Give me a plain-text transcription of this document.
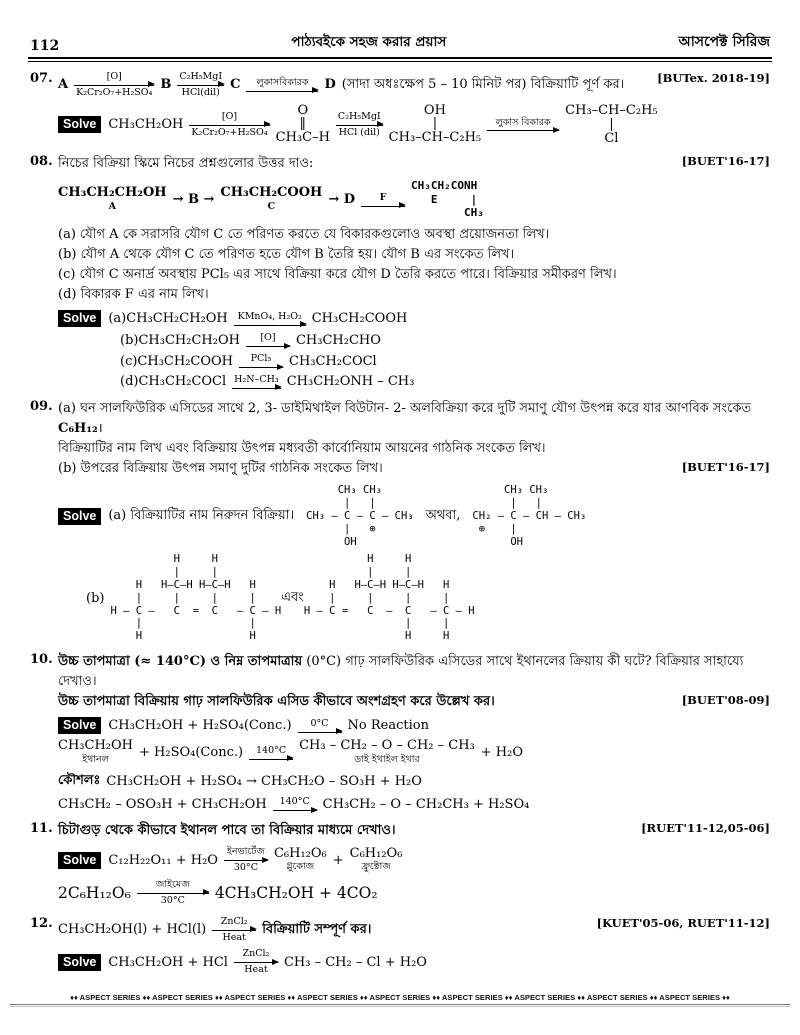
112	পাঠ্যবইকে সহজ করার প্রয়াস	আসপেক্ট সিরিজ
07.	[BUTex. 2018-19]
A
[O]
K₂Cr₂O₇+H₂SO₄ B
C₂H₅MgI
HCl(dil) C লুকাসবিকারক D (সাদা অধঃক্ষেপ 5 – 10 মিনিট পর) বিক্রিয়াটি পূর্ণ কর।
Solve CH₃CH₂OH
[O]
K₂Cr₂O₇+H₂SO₄
O
‖
CH₃C–H
C₂H₅MgI
HCl (dil)
OH
|
CH₃–CH–C₂H₅
লুকাস বিকারক
CH₃–CH–C₂H₅
|
Cl
08.	[BUET'16-17]
নিচের বিক্রিয়া স্কিমে নিচের প্রশ্নগুলোর উত্তর দাও:
CH₃CH₂CH₂OH
A	→ B → CH₃CH₂COOH
C	→ D	F
CH₃CH₂CONH
E     |
CH₃
(a) যৌগ A কে সরাসরি যৌগ C তে পরিণত করতে যে বিকারকগুলোও অবস্থা প্রয়োজনতা লিখ।
(b) যৌগ A থেকে যৌগ C তে পরিণত হতে যৌগ B তৈরি হয়। যৌগ B এর সংকেত লিখ।
(c) যৌগ C অনার্দ্র অবস্থায় PCl₅ এর সাথে বিক্রিয়া করে যৌগ D তৈরি করতে পারে। বিক্রিয়ার সমীকরণ লিখ।
(d) বিকারক F এর নাম লিখ।
Solve (a)CH₃CH₂CH₂OH KMnO₄, H₂O₂ CH₃CH₂COOH
(b)CH₃CH₂CH₂OH [O] CH₃CH₂CHO
(c)CH₃CH₂COOH PCl₅ CH₃CH₂COCl
(d)CH₃CH₂COCl H₂N–CH₃ CH₃CH₂ONH – CH₃
09. (a) ঘন সালফিউরিক এসিডের সাথে 2, 3- ডাইমিথাইল বিউটান- 2- অলবিক্রিয়া করে দুটি সমাণু যৌগ উৎপন্ন করে যার আণবিক সংকেত C₆H₁₂।
বিক্রিয়াটির নাম লিখ এবং বিক্রিয়ায় উৎপন্ন মধ্যবতী কার্বোনিয়াম আয়নের গাঠনিক সংকেত লিখ।
[BUET'16-17]
(b) উপরের বিক্রিয়ায় উৎপন্ন সমাণু দুটির গাঠনিক সংকেত লিখ।
Solve (a) বিক্রিয়াটির নাম নিরুদন বিক্রিয়া।
CH₃ CH₃
|   |
CH₃ – C – C – CH₃
|   ⊕
OH
অথবা,
CH₃ CH₃
|   |
CH₂ – C – CH – CH₃
⊕    |
OH
(b)
H     H
|     |
H   H–C–H H–C–H   H
|     |     |     |
H – C –   C  =  C   – C – H
|                 |
H                 H
এবং
H     H
|     |
H   H–C–H H–C–H   H
|     |     |     |
H – C =   C  –  C   – C – H
|     |
H     H
10. উচ্চ তাপমাত্রা (≈ 140°C) ও নিম্ন তাপমাত্রায় (0°C) গাঢ় সালফিউরিক এসিডের সাথে ইথানলের ক্রিয়ায় কী ঘটে? বিক্রিয়ার সাহায্যে দেখাও।
[BUET'08-09]
উচ্চ তাপমাত্রা বিক্রিয়ায় গাঢ় সালফিউরিক এসিড কীভাবে অংশগ্রহণ করে উল্লেখ কর।
Solve CH₃CH₂OH + H₂SO₄(Conc.) 0°C No Reaction
CH₃CH₂OH
ইথানল + H₂SO₄(Conc.) 140°C CH₃ – CH₂ – O – CH₂ – CH₃
ডাই ইথাইল ইথার	+ H₂O
কৌশলঃ CH₃CH₂OH + H₂SO₄ → CH₃CH₂O – SO₃H + H₂O
CH₃CH₂ – OSO₃H + CH₃CH₂OH 140°C CH₃CH₂ – O – CH₂CH₃ + H₂SO₄
11.	[RUET'11-12,05-06]
চিটাগুড় থেকে কীভাবে ইথানল পাবে তা বিক্রিয়ার মাধ্যমে দেখাও।
Solve C₁₂H₂₂O₁₁ + H₂O
ইনভার্টেজ
30°C
C₆H₁₂O₆
গ্লুকোজ + C₆H₁₂O₆
ফ্রুক্টোজ
2C₆H₁₂O₆	জাইমেজ
30°C 4CH₃CH₂OH + 4CO₂
12.	[KUET'05-06, RUET'11-12]
CH₃CH₂OH(l) + HCl(l)
ZnCl₂
Heat
বিক্রিয়াটি সম্পূর্ণ কর।
Solve CH₃CH₂OH + HCl
ZnCl₂
Heat CH₃ – CH₂ – Cl + H₂O
♦♦ ASPECT SERIES ♦♦ ASPECT SERIES ♦♦ ASPECT SERIES ♦♦ ASPECT SERIES ♦♦ ASPECT SERIES ♦♦ ASPECT SERIES ♦♦ ASPECT SERIES ♦♦ ASPECT SERIES ♦♦ ASPECT SERIES ♦♦
